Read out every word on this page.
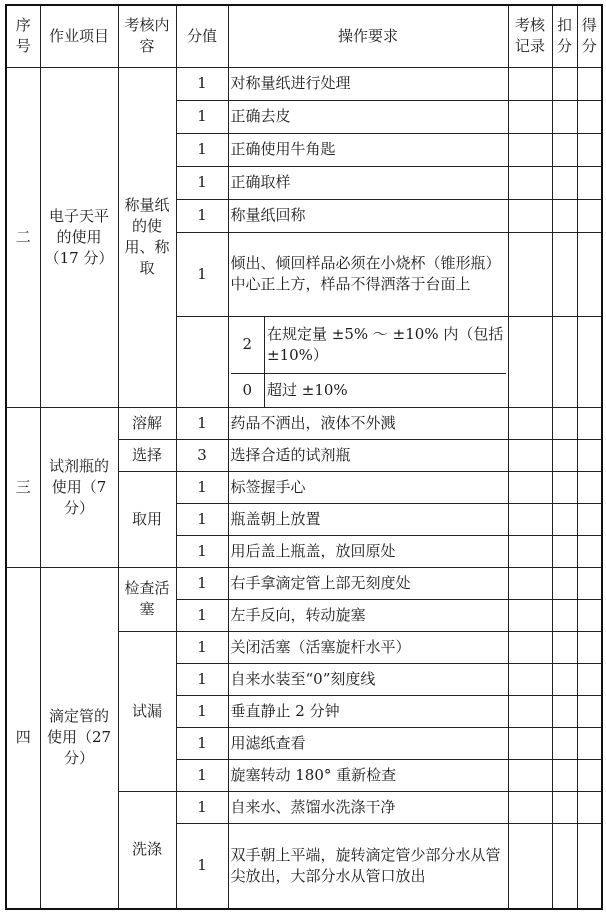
序号	作业项目	考核内容	分值	操作要求	考核记录	扣分	得分
二	电子天平的使用（17 分）	称量纸的使用、称取	1	对称量纸进行处理			
1	正确去皮			
1	正确使用牛角匙			
1	正确取样			
1	称量纸回称			
1	倾出、倾回样品必须在小烧杯（锥形瓶）中心正上方，样品不得洒落于台面上			

2	在规定量 ±5% ～ ±10% 内（包括 ±10%）
0	超过 ±10%

三	试剂瓶的使用（7 分）	溶解	1	药品不洒出，液体不外溅			
选择	3	选择合适的试剂瓶			
取用	1	标签握手心			
1	瓶盖朝上放置			
1	用后盖上瓶盖，放回原处			
四	滴定管的使用（27 分）	检查活塞	1	右手拿滴定管上部无刻度处			
1	左手反向，转动旋塞			
试漏	1	关闭活塞（活塞旋杆水平）			
1	自来水装至“0”刻度线			
1	垂直静止 2 分钟			
1	用滤纸查看			
1	旋塞转动 180° 重新检查			
洗涤	1	自来水、蒸馏水洗涤干净			
1	双手朝上平端，旋转滴定管少部分水从管尖放出，大部分水从管口放出			
